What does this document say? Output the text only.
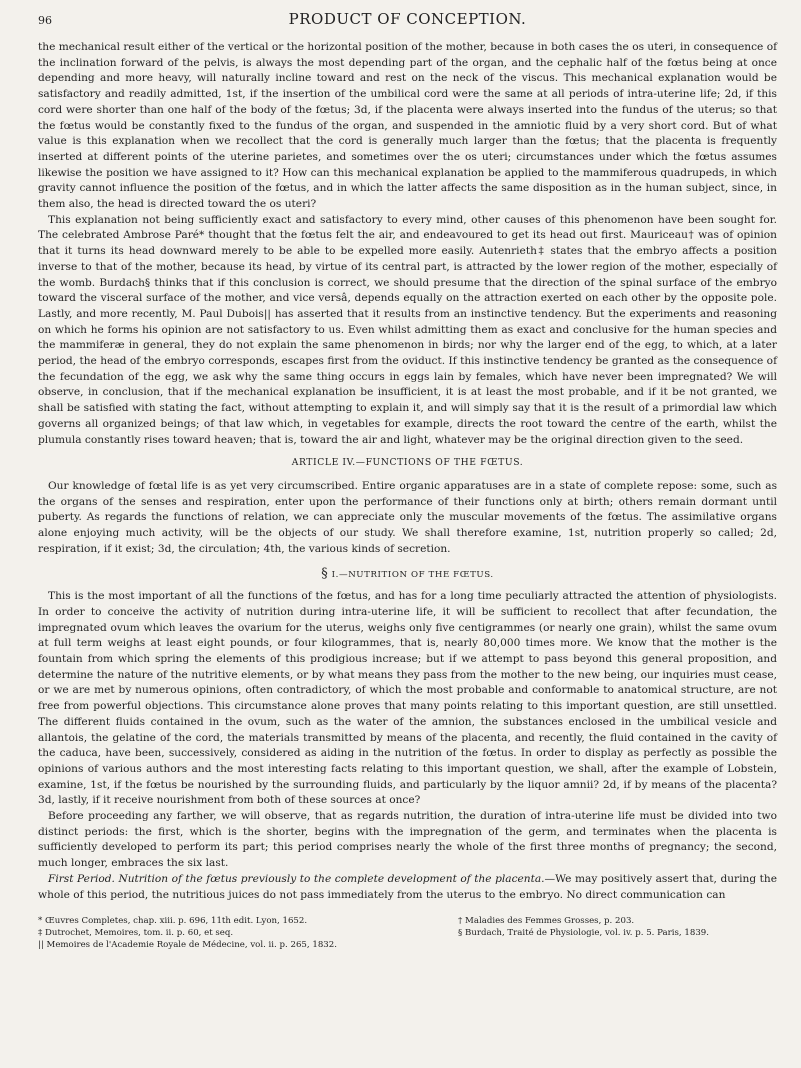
96	PRODUCT OF CONCEPTION.

the mechanical result either of the vertical or the horizontal position of the mother, because in both cases the os uteri, in consequence of the inclination forward of the pelvis, is always the most depending part of the organ, and the cephalic half of the fœtus being at once depending and more heavy, will naturally incline toward and rest on the neck of the viscus. This mechanical explanation would be satisfactory and readily admitted, 1st, if the insertion of the umbilical cord were the same at all periods of intra-uterine life; 2d, if this cord were shorter than one half of the body of the fœtus; 3d, if the placenta were always inserted into the fundus of the uterus; so that the fœtus would be constantly fixed to the fundus of the organ, and suspended in the amniotic fluid by a very short cord. But of what value is this explanation when we recollect that the cord is generally much larger than the fœtus; that the placenta is frequently inserted at different points of the uterine parietes, and sometimes over the os uteri; circumstances under which the fœtus assumes likewise the position we have assigned to it? How can this mechanical explanation be applied to the mammiferous quadrupeds, in which gravity cannot influence the position of the fœtus, and in which the latter affects the same disposition as in the human subject, since, in them also, the head is directed toward the os uteri?

This explanation not being sufficiently exact and satisfactory to every mind, other causes of this phenomenon have been sought for. The celebrated Ambrose Paré* thought that the fœtus felt the air, and endeavoured to get its head out first. Mauriceau† was of opinion that it turns its head downward merely to be able to be expelled more easily. Autenrieth‡ states that the embryo affects a position inverse to that of the mother, because its head, by virtue of its central part, is attracted by the lower region of the mother, especially of the womb. Burdach§ thinks that if this conclusion is correct, we should presume that the direction of the spinal surface of the embryo toward the visceral surface of the mother, and vice versâ, depends equally on the attraction exerted on each other by the opposite pole. Lastly, and more recently, M. Paul Dubois|| has asserted that it results from an instinctive tendency. But the experiments and reasoning on which he forms his opinion are not satisfactory to us. Even whilst admitting them as exact and conclusive for the human species and the mammiferæ in general, they do not explain the same phenomenon in birds; nor why the larger end of the egg, to which, at a later period, the head of the embryo corresponds, escapes first from the oviduct. If this instinctive tendency be granted as the consequence of the fecundation of the egg, we ask why the same thing occurs in eggs lain by females, which have never been impregnated? We will observe, in conclusion, that if the mechanical explanation be insufficient, it is at least the most probable, and if it be not granted, we shall be satisfied with stating the fact, without attempting to explain it, and will simply say that it is the result of a primordial law which governs all organized beings; of that law which, in vegetables for example, directs the root toward the centre of the earth, whilst the plumula constantly rises toward heaven; that is, toward the air and light, whatever may be the original direction given to the seed.

ARTICLE IV.—FUNCTIONS OF THE FŒTUS.

Our knowledge of fœtal life is as yet very circumscribed. Entire organic apparatuses are in a state of complete repose: some, such as the organs of the senses and respiration, enter upon the performance of their functions only at birth; others remain dormant until puberty. As regards the functions of relation, we can appreciate only the muscular movements of the fœtus. The assimilative organs alone enjoying much activity, will be the objects of our study. We shall therefore examine, 1st, nutrition properly so called; 2d, respiration, if it exist; 3d, the circulation; 4th, the various kinds of secretion.

§ I.—NUTRITION OF THE FŒTUS.

This is the most important of all the functions of the fœtus, and has for a long time peculiarly attracted the attention of physiologists. In order to conceive the activity of nutrition during intra-uterine life, it will be sufficient to recollect that after fecundation, the impregnated ovum which leaves the ovarium for the uterus, weighs only five centigrammes (or nearly one grain), whilst the same ovum at full term weighs at least eight pounds, or four kilogrammes, that is, nearly 80,000 times more. We know that the mother is the fountain from which spring the elements of this prodigious increase; but if we attempt to pass beyond this general proposition, and determine the nature of the nutritive elements, or by what means they pass from the mother to the new being, our inquiries must cease, or we are met by numerous opinions, often contradictory, of which the most probable and conformable to anatomical structure, are not free from powerful objections. This circumstance alone proves that many points relating to this important question, are still unsettled. The different fluids contained in the ovum, such as the water of the amnion, the substances enclosed in the umbilical vesicle and allantois, the gelatine of the cord, the materials transmitted by means of the placenta, and recently, the fluid contained in the cavity of the caduca, have been, successively, considered as aiding in the nutrition of the fœtus. In order to display as perfectly as possible the opinions of various authors and the most interesting facts relating to this important question, we shall, after the example of Lobstein, examine, 1st, if the fœtus be nourished by the surrounding fluids, and particularly by the liquor amnii? 2d, if by means of the placenta? 3d, lastly, if it receive nourishment from both of these sources at once?

Before proceeding any farther, we will observe, that as regards nutrition, the duration of intra-uterine life must be divided into two distinct periods: the first, which is the shorter, begins with the impregnation of the germ, and terminates when the placenta is sufficiently developed to perform its part; this period comprises nearly the whole of the first three months of pregnancy; the second, much longer, embraces the six last.

First Period. Nutrition of the fœtus previously to the complete development of the placenta.—We may positively assert that, during the whole of this period, the nutritious juices do not pass immediately from the uterus to the embryo. No direct communication can

* Œuvres Completes, chap. xiii. p. 696, 11th edit. Lyon, 1652.
‡ Dutrochet, Memoires, tom. ii. p. 60, et seq.
|| Memoires de l'Academie Royale de Médecine, vol. ii. p. 265, 1832.
† Maladies des Femmes Grosses, p. 203.
§ Burdach, Traité de Physiologie, vol. iv. p. 5. Paris, 1839.
